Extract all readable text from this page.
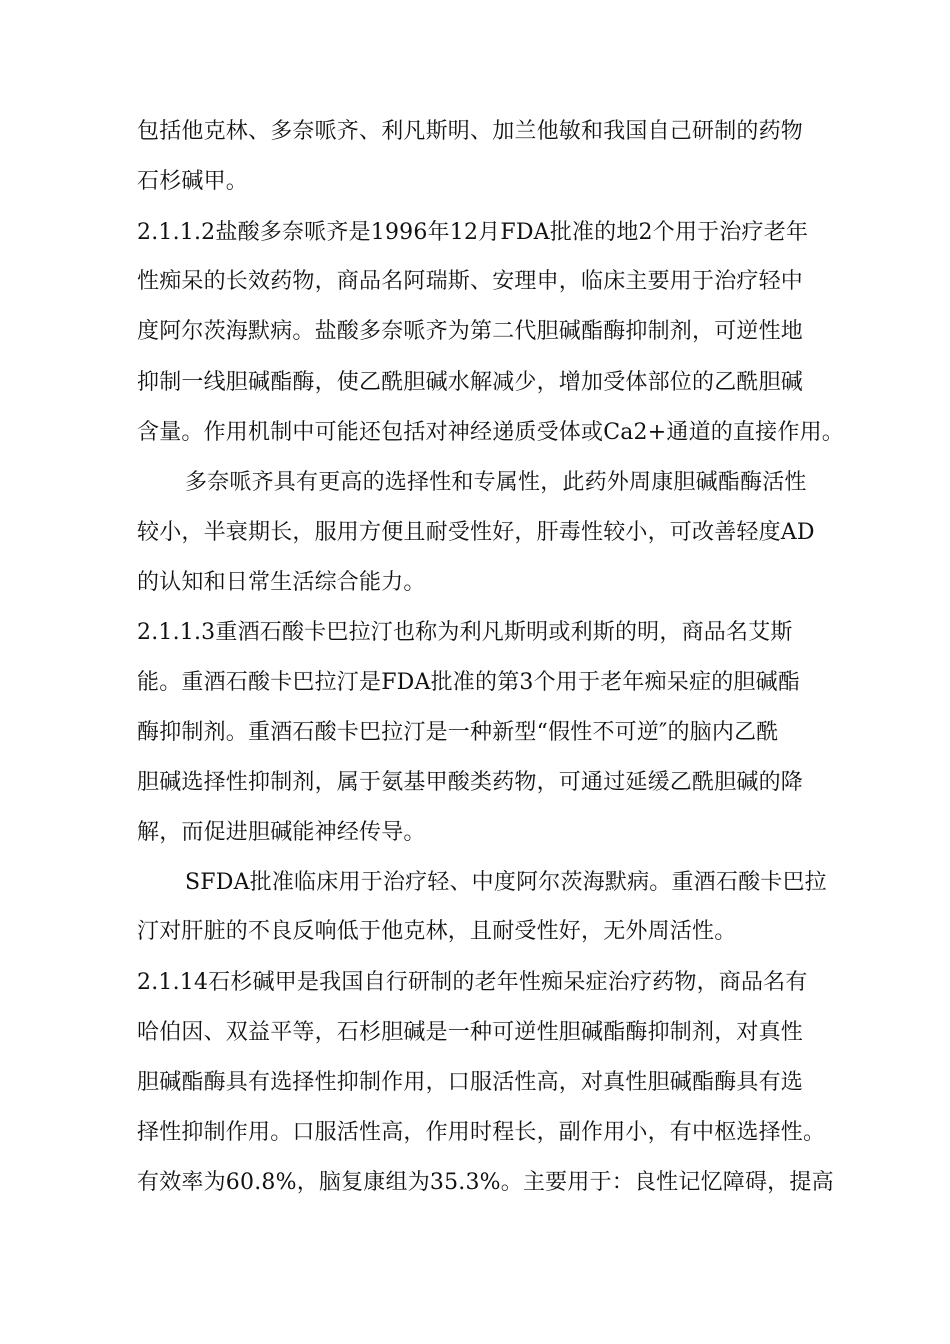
包括他克林、多奈哌齐、利凡斯明、加兰他敏和我国自己研制的药物
石杉碱甲。
2.1.1.2盐酸多奈哌齐是1996年12月FDA批准的地2个用于治疗老年
性痴呆的长效药物，商品名阿瑞斯、安理申，临床主要用于治疗轻中
度阿尔茨海默病。盐酸多奈哌齐为第二代胆碱酯酶抑制剂，可逆性地
抑制一线胆碱酯酶，使乙酰胆碱水解减少，增加受体部位的乙酰胆碱
含量。作用机制中可能还包括对神经递质受体或Ca2+通道的直接作用。
多奈哌齐具有更高的选择性和专属性，此药外周康胆碱酯酶活性
较小，半衰期长，服用方便且耐受性好，肝毒性较小，可改善轻度AD
的认知和日常生活综合能力。
2.1.1.3重酒石酸卡巴拉汀也称为利凡斯明或利斯的明，商品名艾斯
能。重酒石酸卡巴拉汀是FDA批准的第3个用于老年痴呆症的胆碱酯
酶抑制剂。重酒石酸卡巴拉汀是一种新型“假性不可逆″的脑内乙酰
胆碱选择性抑制剂，属于氨基甲酸类药物，可通过延缓乙酰胆碱的降
解，而促进胆碱能神经传导。
SFDA批准临床用于治疗轻、中度阿尔茨海默病。重酒石酸卡巴拉
汀对肝脏的不良反响低于他克林，且耐受性好，无外周活性。
2.1.14石杉碱甲是我国自行研制的老年性痴呆症治疗药物，商品名有
哈伯因、双益平等，石杉胆碱是一种可逆性胆碱酯酶抑制剂，对真性
胆碱酯酶具有选择性抑制作用，口服活性高，对真性胆碱酯酶具有选
择性抑制作用。口服活性高，作用时程长，副作用小，有中枢选择性。
有效率为60.8%，脑复康组为35.3%。主要用于：良性记忆障碍，提高
